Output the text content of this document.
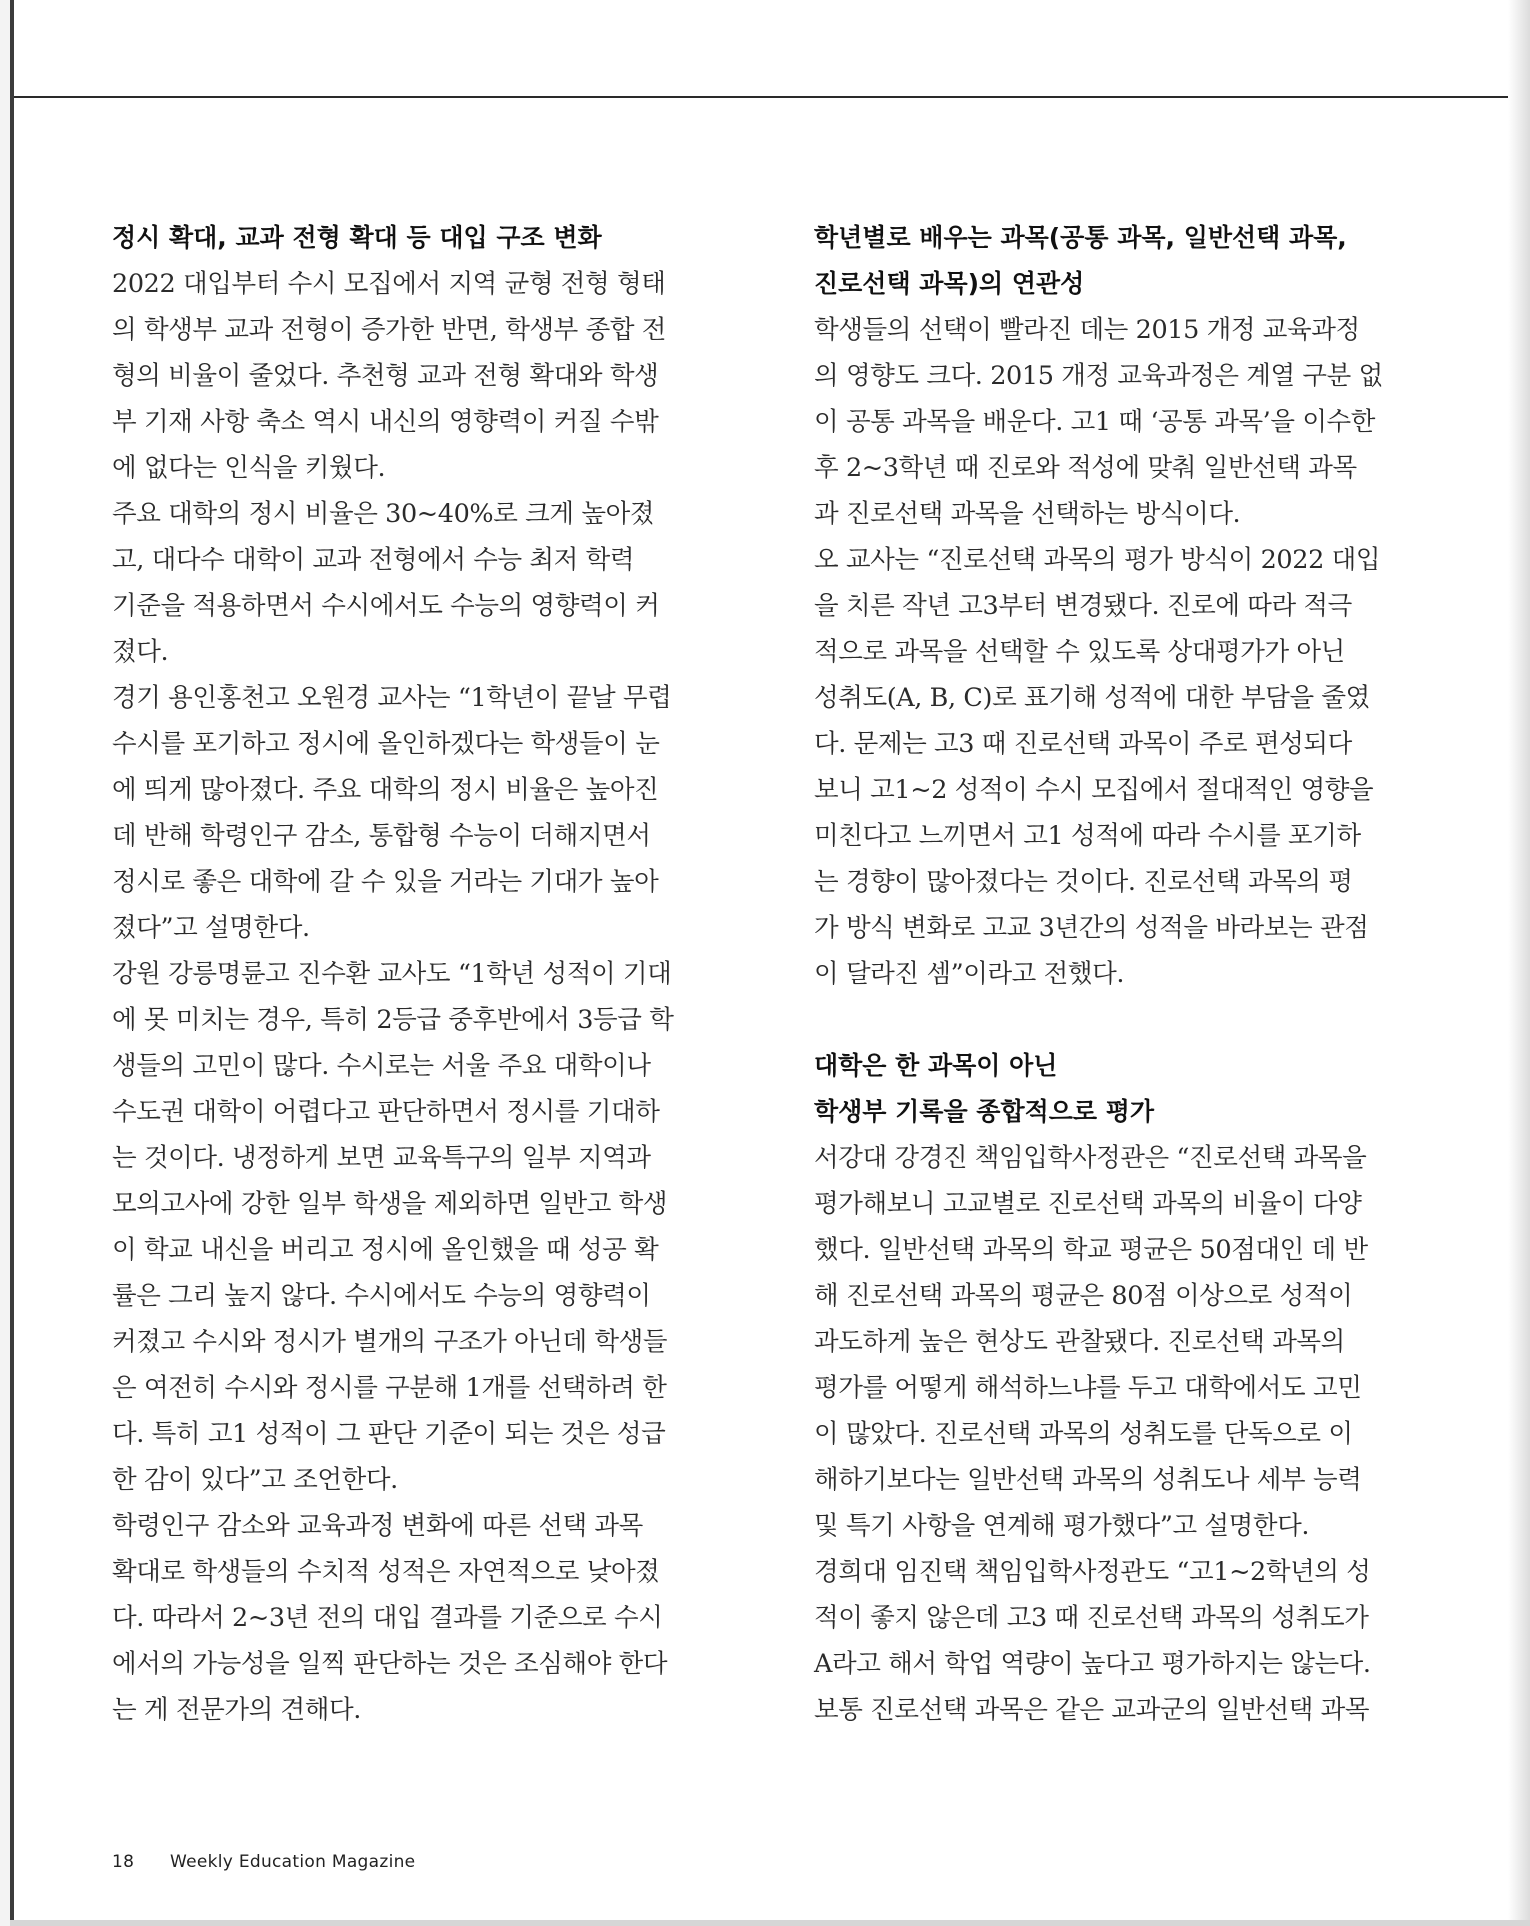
정시 확대, 교과 전형 확대 등 대입 구조 변화

2022 대입부터 수시 모집에서 지역 균형 전형 형태

의 학생부 교과 전형이 증가한 반면, 학생부 종합 전

형의 비율이 줄었다. 추천형 교과 전형 확대와 학생

부 기재 사항 축소 역시 내신의 영향력이 커질 수밖

에 없다는 인식을 키웠다.

주요 대학의 정시 비율은 30~40%로 크게 높아졌

고, 대다수 대학이 교과 전형에서 수능 최저 학력

기준을 적용하면서 수시에서도 수능의 영향력이 커

졌다.

경기 용인홍천고 오원경 교사는 “1학년이 끝날 무렵

수시를 포기하고 정시에 올인하겠다는 학생들이 눈

에 띄게 많아졌다. 주요 대학의 정시 비율은 높아진

데 반해 학령인구 감소, 통합형 수능이 더해지면서

정시로 좋은 대학에 갈 수 있을 거라는 기대가 높아

졌다”고 설명한다.

강원 강릉명륜고 진수환 교사도 “1학년 성적이 기대

에 못 미치는 경우, 특히 2등급 중후반에서 3등급 학

생들의 고민이 많다. 수시로는 서울 주요 대학이나

수도권 대학이 어렵다고 판단하면서 정시를 기대하

는 것이다. 냉정하게 보면 교육특구의 일부 지역과

모의고사에 강한 일부 학생을 제외하면 일반고 학생

이 학교 내신을 버리고 정시에 올인했을 때 성공 확

률은 그리 높지 않다. 수시에서도 수능의 영향력이

커졌고 수시와 정시가 별개의 구조가 아닌데 학생들

은 여전히 수시와 정시를 구분해 1개를 선택하려 한

다. 특히 고1 성적이 그 판단 기준이 되는 것은 성급

한 감이 있다”고 조언한다.

학령인구 감소와 교육과정 변화에 따른 선택 과목

확대로 학생들의 수치적 성적은 자연적으로 낮아졌

다. 따라서 2~3년 전의 대입 결과를 기준으로 수시

에서의 가능성을 일찍 판단하는 것은 조심해야 한다

는 게 전문가의 견해다.

학년별로 배우는 과목(공통 과목, 일반선택 과목,

진로선택 과목)의 연관성

학생들의 선택이 빨라진 데는 2015 개정 교육과정

의 영향도 크다. 2015 개정 교육과정은 계열 구분 없

이 공통 과목을 배운다. 고1 때 ‘공통 과목’을 이수한

후 2~3학년 때 진로와 적성에 맞춰 일반선택 과목

과 진로선택 과목을 선택하는 방식이다.

오 교사는 “진로선택 과목의 평가 방식이 2022 대입

을 치른 작년 고3부터 변경됐다. 진로에 따라 적극

적으로 과목을 선택할 수 있도록 상대평가가 아닌

성취도(A, B, C)로 표기해 성적에 대한 부담을 줄였

다. 문제는 고3 때 진로선택 과목이 주로 편성되다

보니 고1~2 성적이 수시 모집에서 절대적인 영향을

미친다고 느끼면서 고1 성적에 따라 수시를 포기하

는 경향이 많아졌다는 것이다. 진로선택 과목의 평

가 방식 변화로 고교 3년간의 성적을 바라보는 관점

이 달라진 셈”이라고 전했다.

대학은 한 과목이 아닌

학생부 기록을 종합적으로 평가

서강대 강경진 책임입학사정관은 “진로선택 과목을

평가해보니 고교별로 진로선택 과목의 비율이 다양

했다. 일반선택 과목의 학교 평균은 50점대인 데 반

해 진로선택 과목의 평균은 80점 이상으로 성적이

과도하게 높은 현상도 관찰됐다. 진로선택 과목의

평가를 어떻게 해석하느냐를 두고 대학에서도 고민

이 많았다. 진로선택 과목의 성취도를 단독으로 이

해하기보다는 일반선택 과목의 성취도나 세부 능력

및 특기 사항을 연계해 평가했다”고 설명한다.

경희대 임진택 책임입학사정관도 “고1~2학년의 성

적이 좋지 않은데 고3 때 진로선택 과목의 성취도가

A라고 해서 학업 역량이 높다고 평가하지는 않는다.

보통 진로선택 과목은 같은 교과군의 일반선택 과목

18 Weekly Education Magazine
